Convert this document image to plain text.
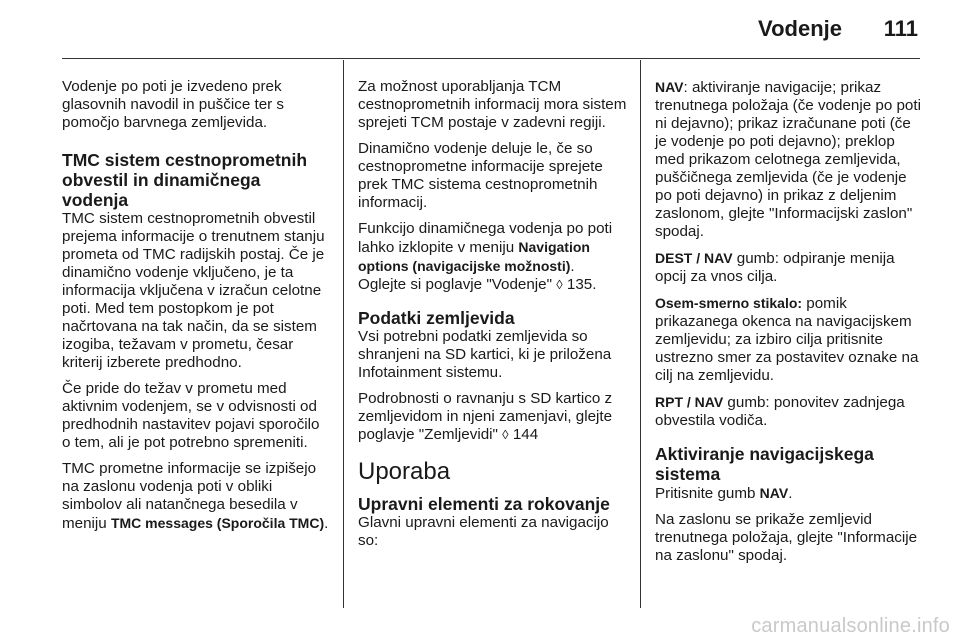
Vodenje 111

Vodenje po poti je izvedeno prek glasovnih navodil in puščice ter s pomočjo barvnega zemljevida.

TMC sistem cestnoprometnih obvestil in dinamičnega vodenja

TMC sistem cestnoprometnih obvestil prejema informacije o trenutnem stanju prometa od TMC radijskih postaj. Če je dinamično vodenje vključeno, je ta informacija vključena v izračun celotne poti. Med tem postopkom je pot načrtovana na tak način, da se sistem izogiba, težavam v prometu, česar kriterij izberete predhodno.

Če pride do težav v prometu med aktivnim vodenjem, se v odvisnosti od predhodnih nastavitev pojavi sporočilo o tem, ali je pot potrebno spremeniti.

TMC prometne informacije se izpišejo na zaslonu vodenja poti v obliki simbolov ali natančnega besedila v meniju TMC messages (Sporočila TMC).

Za možnost uporabljanja TCM cestnoprometnih informacij mora sistem sprejeti TCM postaje v zadevni regiji.

Dinamično vodenje deluje le, če so cestnoprometne informacije sprejete prek TMC sistema cestnoprometnih informacij.

Funkcijo dinamičnega vodenja po poti lahko izklopite v meniju Navigation options (navigacijske možnosti).
Oglejte si poglavje "Vodenje" ◊ 135.

Podatki zemljevida

Vsi potrebni podatki zemljevida so shranjeni na SD kartici, ki je priložena Infotainment sistemu.

Podrobnosti o ravnanju s SD kartico z zemljevidom in njeni zamenjavi, glejte poglavje "Zemljevidi" ◊ 144

Uporaba
Upravni elementi za rokovanje

Glavni upravni elementi za navigacijo so:

NAV: aktiviranje navigacije; prikaz trenutnega položaja (če vodenje po poti ni dejavno); prikaz izračunane poti (če je vodenje po poti dejavno); preklop med prikazom celotnega zemljevida, puščičnega zemljevida (če je vodenje po poti dejavno) in prikaz z deljenim zaslonom, glejte "Informacijski zaslon" spodaj.

DEST / NAV gumb: odpiranje menija opcij za vnos cilja.

Osem-smerno stikalo: pomik prikazanega okenca na navigacijskem zemljevidu; za izbiro cilja pritisnite ustrezno smer za postavitev oznake na cilj na zemljevidu.

RPT / NAV gumb: ponovitev zadnjega obvestila vodiča.

Aktiviranje navigacijskega sistema

Pritisnite gumb NAV.

Na zaslonu se prikaže zemljevid trenutnega položaja, glejte "Informacije na zaslonu" spodaj.

carmanualsonline.info
